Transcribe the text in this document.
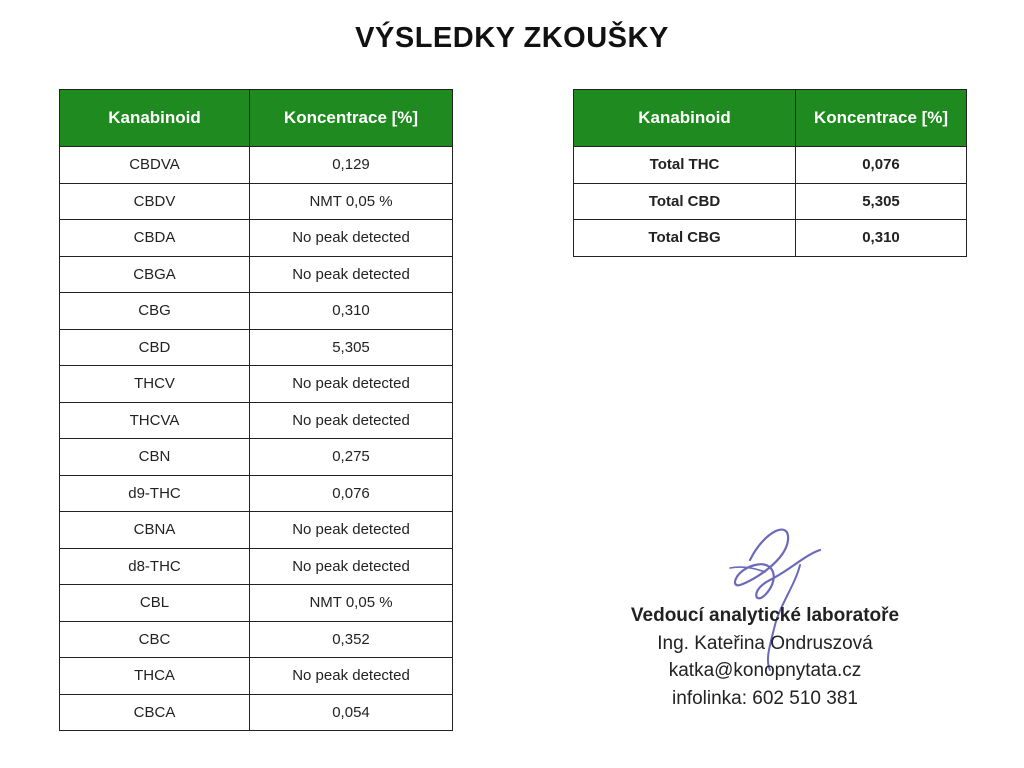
VÝSLEDKY ZKOUŠKY
Kanabinoid	Koncentrace [%]
CBDVA	0,129
CBDV	NMT 0,05 %
CBDA	No peak detected
CBGA	No peak detected
CBG	0,310
CBD	5,305
THCV	No peak detected
THCVA	No peak detected
CBN	0,275
d9-THC	0,076
CBNA	No peak detected
d8-THC	No peak detected
CBL	NMT 0,05 %
CBC	0,352
THCA	No peak detected
CBCA	0,054
Kanabinoid	Koncentrace [%]
Total THC	0,076
Total CBD	5,305
Total CBG	0,310
Vedoucí analytické laboratoře
Ing. Kateřina Ondruszová
katka@konopnytata.cz
infolinka: 602 510 381
